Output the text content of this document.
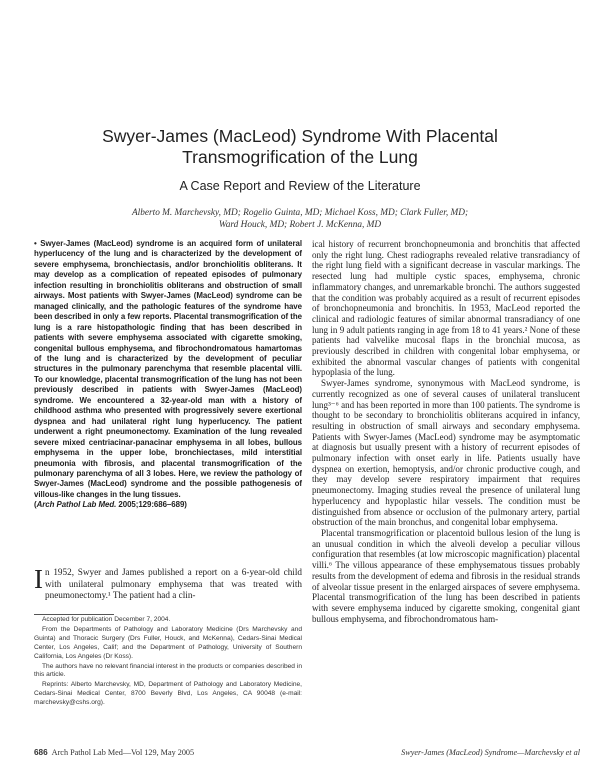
Swyer-James (MacLeod) Syndrome With Placental
Transmogrification of the Lung
A Case Report and Review of the Literature
Alberto M. Marchevsky, MD; Rogelio Guinta, MD; Michael Koss, MD; Clark Fuller, MD;
Ward Houck, MD; Robert J. McKenna, MD
• Swyer-James (MacLeod) syndrome is an acquired form of unilateral hyperlucency of the lung and is characterized by the development of severe emphysema, bronchiectasis, and/or bronchiolitis obliterans. It may develop as a complication of repeated episodes of pulmonary infection resulting in bronchiolitis obliterans and obstruction of small airways. Most patients with Swyer-James (MacLeod) syndrome can be managed clinically, and the pathologic features of the syndrome have been described in only a few reports. Placental transmogrification of the lung is a rare histopathologic finding that has been described in patients with severe emphysema associated with cigarette smoking, congenital bullous emphysema, and fibrochondromatous hamartomas of the lung and is characterized by the development of peculiar structures in the pulmonary parenchyma that resemble placental villi. To our knowledge, placental transmogrification of the lung has not been previously described in patients with Swyer-James (MacLeod) syndrome. We encountered a 32-year-old man with a history of childhood asthma who presented with progressively severe exertional dyspnea and had unilateral right lung hyperlucency. The patient underwent a right pneumonectomy. Examination of the lung revealed severe mixed centriacinar-panacinar emphysema in all lobes, bullous emphysema in the upper lobe, bronchiectases, mild interstitial pneumonia with fibrosis, and placental transmogrification of the pulmonary parenchyma of all 3 lobes. Here, we review the pathology of Swyer-James (MacLeod) syndrome and the possible pathogenesis of villous-like changes in the lung tissues.
(Arch Pathol Lab Med. 2005;129:686–689)
In 1952, Swyer and James published a report on a 6-year-old child with unilateral pulmonary emphysema that was treated with pneumonectomy.¹ The patient had a clin-

Accepted for publication December 7, 2004.

From the Departments of Pathology and Laboratory Medicine (Drs Marchevsky and Guinta) and Thoracic Surgery (Drs Fuller, Houck, and McKenna), Cedars-Sinai Medical Center, Los Angeles, Calif; and the Department of Pathology, University of Southern California, Los Angeles (Dr Koss).

The authors have no relevant financial interest in the products or companies described in this article.

Reprints: Alberto Marchevsky, MD, Department of Pathology and Laboratory Medicine, Cedars-Sinai Medical Center, 8700 Beverly Blvd, Los Angeles, CA 90048 (e-mail: marchevsky@cshs.org).

ical history of recurrent bronchopneumonia and bronchitis that affected only the right lung. Chest radiographs revealed relative transradiancy of the right lung field with a significant decrease in vascular markings. The resected lung had multiple cystic spaces, emphysema, chronic inflammatory changes, and unremarkable bronchi. The authors suggested that the condition was probably acquired as a result of recurrent episodes of bronchopneumonia and bronchitis. In 1953, MacLeod reported the clinical and radiologic features of similar abnormal transradiancy of one lung in 9 adult patients ranging in age from 18 to 41 years.² None of these patients had valvelike mucosal flaps in the bronchial mucosa, as previously described in children with congenital lobar emphysema, or exhibited the abnormal vascular changes of patients with congenital hypoplasia of the lung.

Swyer-James syndrome, synonymous with MacLeod syndrome, is currently recognized as one of several causes of unilateral translucent lung³⁻⁶ and has been reported in more than 100 patients. The syndrome is thought to be secondary to bronchiolitis obliterans acquired in infancy, resulting in obstruction of small airways and secondary emphysema. Patients with Swyer-James (MacLeod) syndrome may be asymptomatic at diagnosis but usually present with a history of recurrent episodes of pulmonary infection with onset early in life. Patients usually have dyspnea on exertion, hemoptysis, and/or chronic productive cough, and they may develop severe respiratory impairment that requires pneumonectomy. Imaging studies reveal the presence of unilateral lung hyperlucency and hypoplastic hilar vessels. The condition must be distinguished from absence or occlusion of the pulmonary artery, partial obstruction of the main bronchus, and congenital lobar emphysema.

Placental transmogrification or placentoid bullous lesion of the lung is an unusual condition in which the alveoli develop a peculiar villous configuration that resembles (at low microscopic magnification) placental villi.⁶ The villous appearance of these emphysematous tissues probably results from the development of edema and fibrosis in the residual strands of alveolar tissue present in the enlarged airspaces of severe emphysema. Placental transmogrification of the lung has been described in patients with severe emphysema induced by cigarette smoking, congenital giant bullous emphysema, and fibrochondromatous ham-

686 Arch Pathol Lab Med—Vol 129, May 2005	Swyer-James (MacLeod) Syndrome—Marchevsky et al
